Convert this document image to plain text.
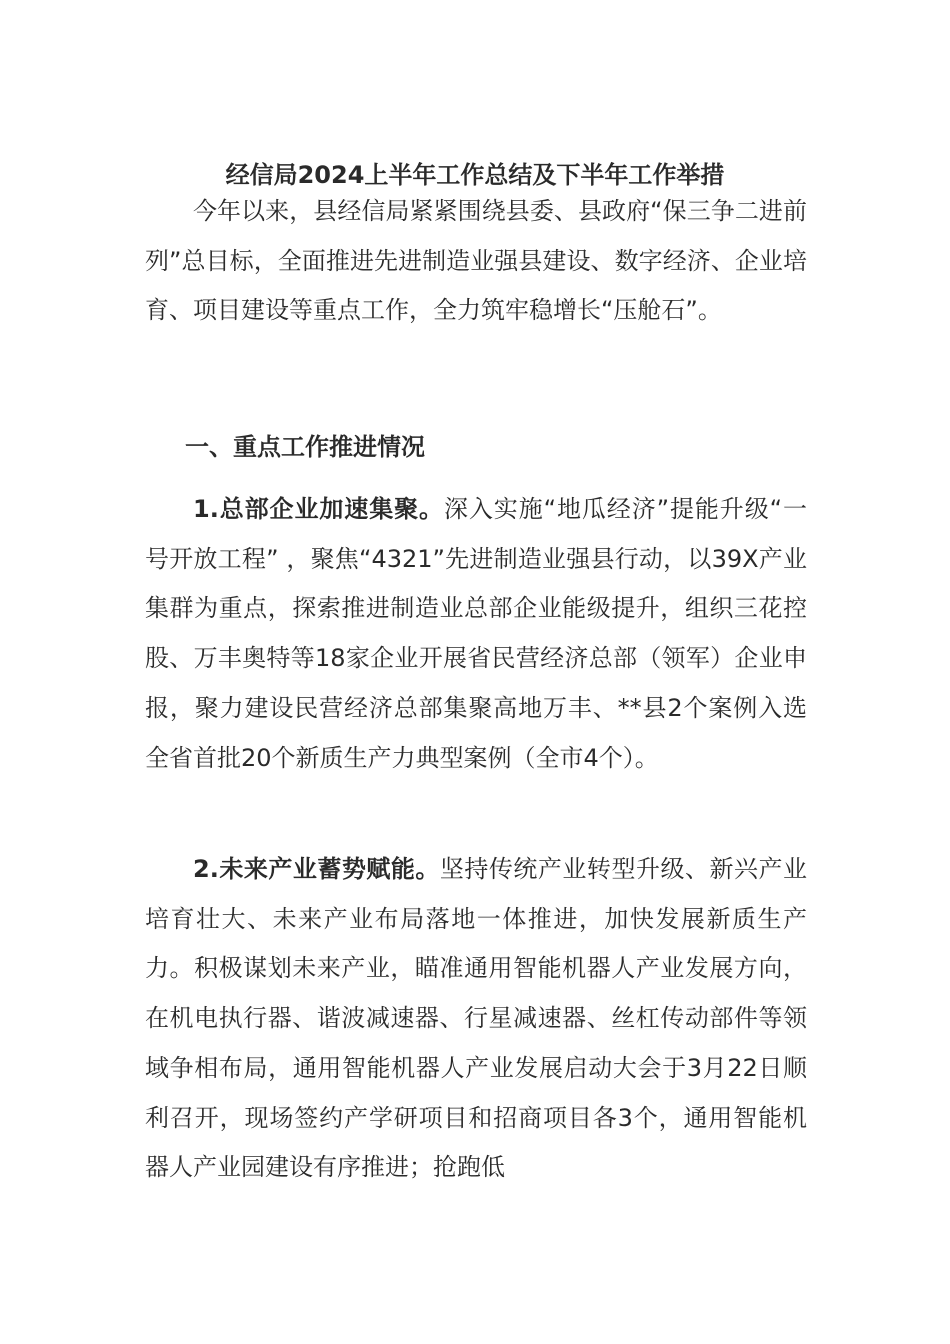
经信局2024上半年工作总结及下半年工作举措

今年以来，县经信局紧紧围绕县委、县政府“保三争二进前列”总目标，全面推进先进制造业强县建设、数字经济、企业培育、项目建设等重点工作，全力筑牢稳增长“压舱石”。

一、重点工作推进情况

1.总部企业加速集聚。深入实施“地瓜经济”提能升级“一号开放工程” ，聚焦“4321”先进制造业强县行动，以39X产业集群为重点，探索推进制造业总部企业能级提升，组织三花控股、万丰奥特等18家企业开展省民营经济总部（领军）企业申报，聚力建设民营经济总部集聚高地万丰、**县2个案例入选全省首批20个新质生产力典型案例（全市4个）。

2.未来产业蓄势赋能。坚持传统产业转型升级、新兴产业培育壮大、未来产业布局落地一体推进，加快发展新质生产力。积极谋划未来产业，瞄准通用智能机器人产业发展方向，在机电执行器、谐波减速器、行星减速器、丝杠传动部件等领域争相布局，通用智能机器人产业发展启动大会于3月22日顺利召开，现场签约产学研项目和招商项目各3个，通用智能机器人产业园建设有序推进；抢跑低
